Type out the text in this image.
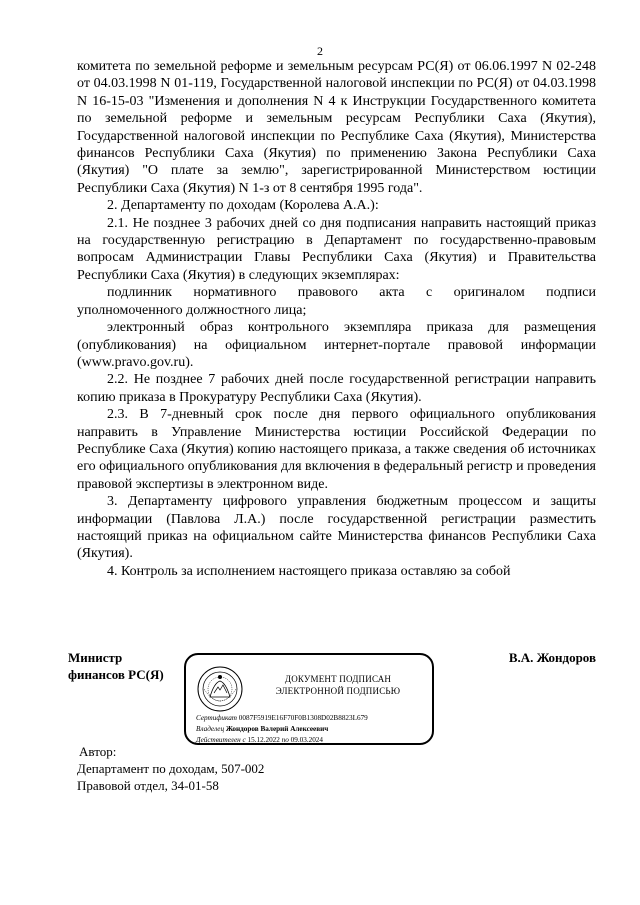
2

комитета по земельной реформе и земельным ресурсам РС(Я) от 06.06.1997 N 02-248 от 04.03.1998 N 01-119, Государственной налоговой инспекции по РС(Я) от 04.03.1998 N 16-15-03 "Изменения и дополнения N 4 к Инструкции Государственного комитета по земельной реформе и земельным ресурсам Республики Саха (Якутия), Государственной налоговой инспекции по Республике Саха (Якутия), Министерства финансов Республики Саха (Якутия) по применению Закона Республики Саха (Якутия) "О плате за землю", зарегистрированной Министерством юстиции Республики Саха (Якутия) N 1-з от 8 сентября 1995 года".

2. Департаменту по доходам (Королева А.А.):

2.1. Не позднее 3 рабочих дней со дня подписания направить настоящий приказ на государственную регистрацию в Департамент по государственно-правовым вопросам Администрации Главы Республики Саха (Якутия) и Правительства Республики Саха (Якутия) в следующих экземплярах:

подлинник нормативного правового акта с оригиналом подписи уполномоченного должностного лица;

электронный образ контрольного экземпляра приказа для размещения (опубликования) на официальном интернет-портале правовой информации (www.pravo.gov.ru).

2.2. Не позднее 7 рабочих дней после государственной регистрации направить копию приказа в Прокуратуру Республики Саха (Якутия).

2.3. В 7-дневный срок после дня первого официального опубликования направить в Управление Министерства юстиции Российской Федерации по Республике Саха (Якутия) копию настоящего приказа, а также сведения об источниках его официального опубликования для включения в федеральный регистр и проведения правовой экспертизы в электронном виде.

3. Департаменту цифрового управления бюджетным процессом и защиты информации (Павлова Л.А.) после государственной регистрации разместить настоящий приказ на официальном сайте Министерства финансов Республики Саха (Якутия).

4. Контроль за исполнением настоящего приказа оставляю за собой

Министр
финансов РС(Я)
В.А. Жондоров
ДОКУМЕНТ ПОДПИСАН
ЭЛЕКТРОННОЙ ПОДПИСЬЮ
Сертификат 0087F5919E16F70F0B1308D02B8823L679
Владелец Жондоров Валерий Алексеевич
Действителен с 15.12.2022 по 09.03.2024
Автор:
Департамент по доходам, 507-002
Правовой отдел, 34-01-58
